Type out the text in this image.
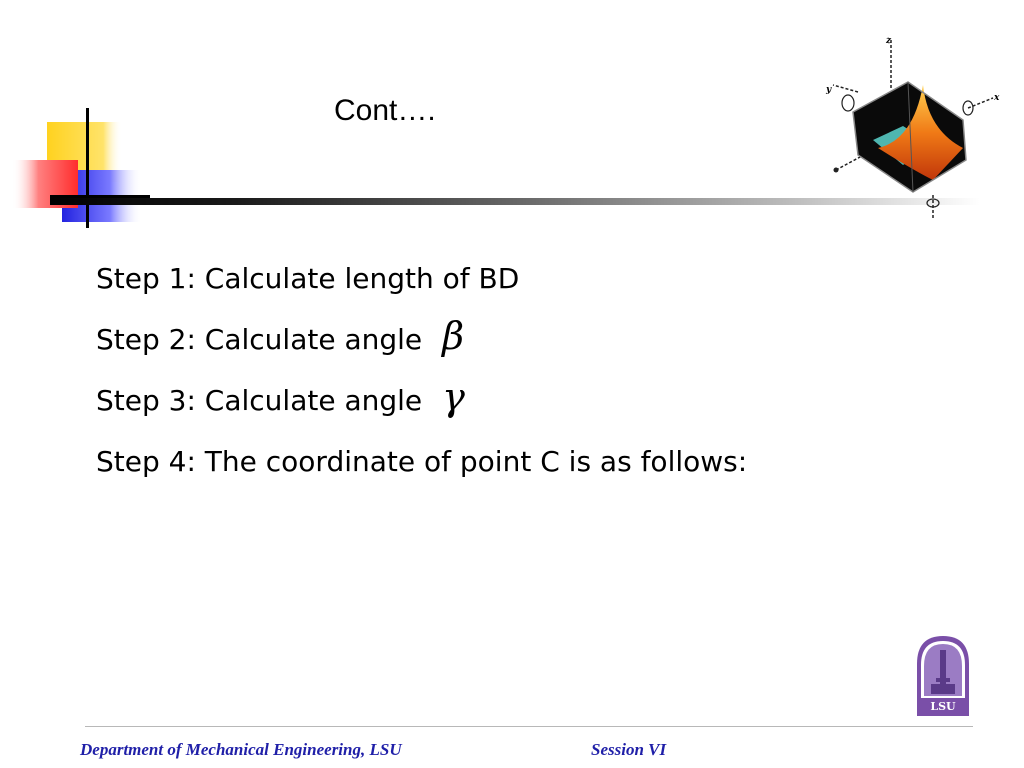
Cont….
z
x
y
Step 1: Calculate length of BD
Step 2: Calculate angle β
Step 3: Calculate angle γ
Step 4: The coordinate of point C is as follows:
LSU
Department of Mechanical Engineering, LSU	Session VI
